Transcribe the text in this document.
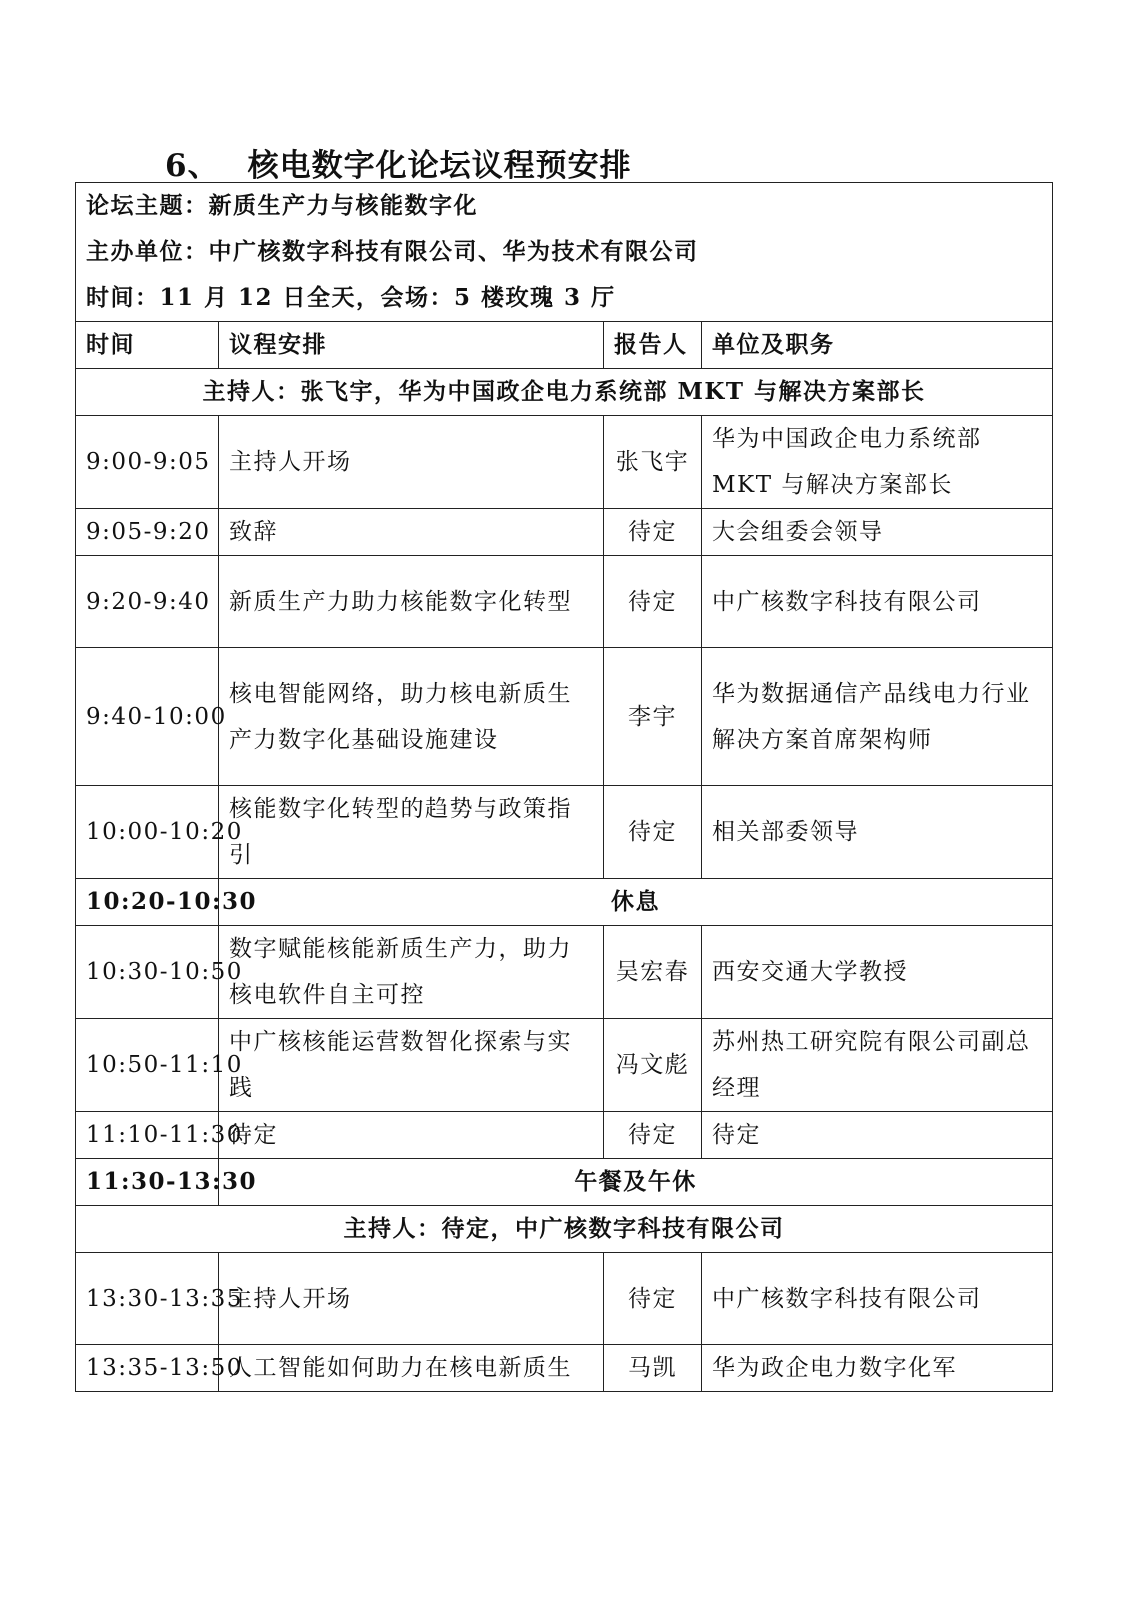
6、 核电数字化论坛议程预安排
论坛主题：新质生产力与核能数字化
主办单位：中广核数字科技有限公司、华为技术有限公司
时间：11 月 12 日全天，会场：5 楼玫瑰 3 厅			

时间	议程安排	报告人	单位及职务
主持人：张飞宇，华为中国政企电力系统部 MKT 与解决方案部长			
9:00-9:05	主持人开场	张飞宇	华为中国政企电力系统部 MKT 与解决方案部长
9:05-9:20	致辞	待定	大会组委会领导
9:20-9:40	新质生产力助力核能数字化转型	待定	中广核数字科技有限公司
9:40-10:00	核电智能网络，助力核电新质生产力数字化基础设施建设	李宇	华为数据通信产品线电力行业解决方案首席架构师
10:00-10:20	核能数字化转型的趋势与政策指引	待定	相关部委领导
10:20-10:30	休息		
10:30-10:50	数字赋能核能新质生产力，助力核电软件自主可控	吴宏春	西安交通大学教授
10:50-11:10	中广核核能运营数智化探索与实践	冯文彪	苏州热工研究院有限公司副总经理
11:10-11:30	待定	待定	待定
11:30-13:30	午餐及午休		
主持人：待定，中广核数字科技有限公司			
13:30-13:35	主持人开场	待定	中广核数字科技有限公司
13:35-13:50	人工智能如何助力在核电新质生	马凯	华为政企电力数字化军
